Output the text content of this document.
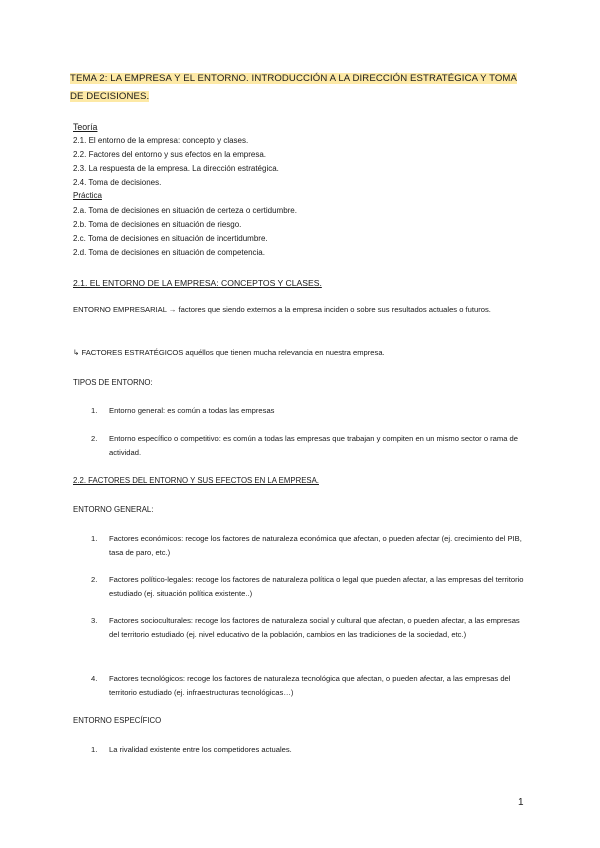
TEMA 2: LA EMPRESA Y EL ENTORNO. INTRODUCCIÓN A LA DIRECCIÓN ESTRATÉGICA Y TOMA DE DECISIONES.
Teoría
2.1. El entorno de la empresa: concepto y clases.
2.2. Factores del entorno y sus efectos en la empresa.
2.3. La respuesta de la empresa. La dirección estratégica.
2.4. Toma de decisiones.
Práctica
2.a. Toma de decisiones en situación de certeza o certidumbre.
2.b. Toma de decisiones en situación de riesgo.
2.c. Toma de decisiones en situación de incertidumbre.
2.d. Toma de decisiones en situación de competencia.
2.1. EL ENTORNO DE LA EMPRESA: CONCEPTOS Y CLASES.
ENTORNO EMPRESARIAL → factores que siendo externos a la empresa inciden o sobre sus resultados actuales o futuros.
↳ FACTORES ESTRATÉGICOS aquéllos que tienen mucha relevancia en nuestra empresa.
TIPOS DE ENTORNO:
1.	Entorno general: es común a todas las empresas
2.	Entorno específico o competitivo: es común a todas las empresas que trabajan y compiten en un mismo sector o rama de actividad.
2.2. FACTORES DEL ENTORNO Y SUS EFECTOS EN LA EMPRESA.
ENTORNO GENERAL:
1.	Factores económicos: recoge los factores de naturaleza económica que afectan, o pueden afectar (ej. crecimiento del PIB, tasa de paro, etc.)
2.	Factores político-legales: recoge los factores de naturaleza política o legal que pueden afectar, a las empresas del territorio estudiado (ej. situación política existente..)
3.	Factores socioculturales: recoge los factores de naturaleza social y cultural que afectan, o pueden afectar, a las empresas del territorio estudiado (ej. nivel educativo de la población, cambios en las tradiciones de la sociedad, etc.)
4.	Factores tecnológicos: recoge los factores de naturaleza tecnológica que afectan, o pueden afectar, a las empresas del territorio estudiado (ej. infraestructuras tecnológicas…)
ENTORNO ESPECÍFICO
1.	La rivalidad existente entre los competidores actuales.
1
